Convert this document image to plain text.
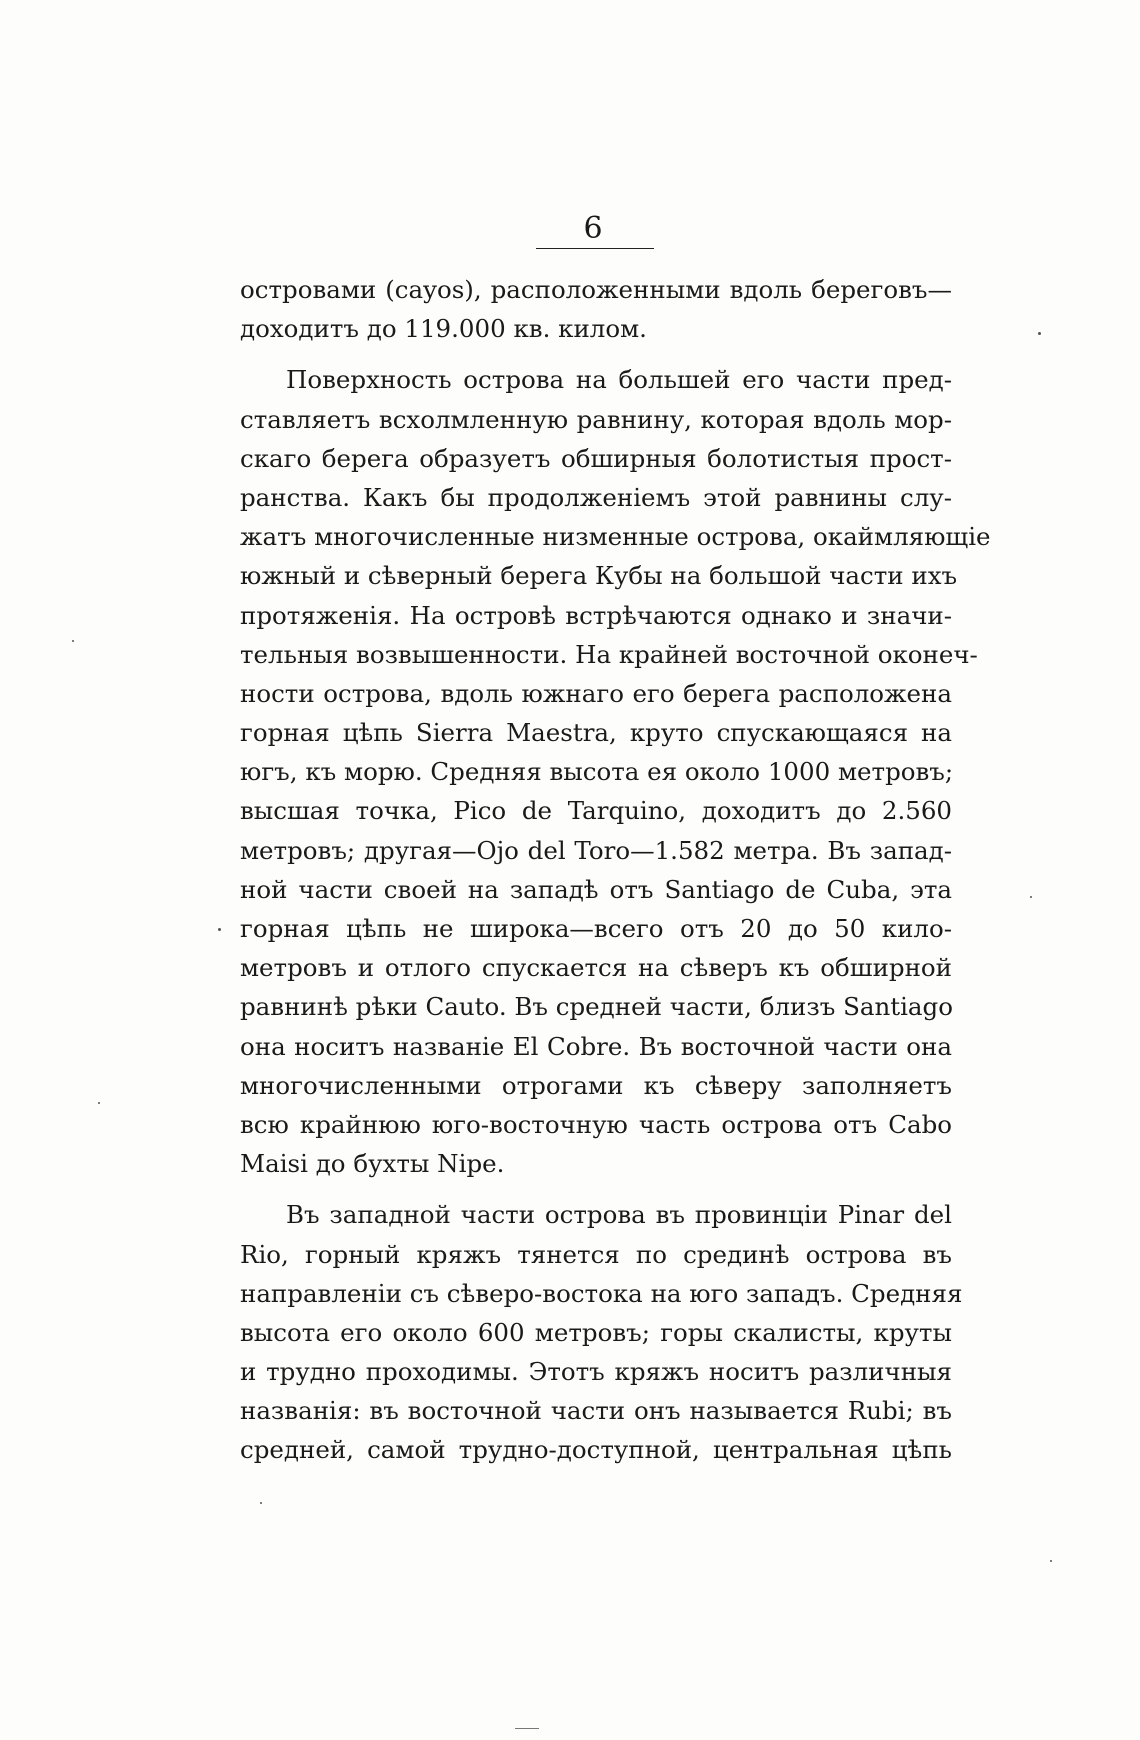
6
островами (cayos), расположенными вдоль береговъ—
доходитъ до 119.000 кв. килом.
Поверхность острова на большей его части пред-
ставляетъ всхолмленную равнину, которая вдоль мор-
скаго берега образуетъ обширныя болотистыя прост-
ранства. Какъ бы продолженіемъ этой равнины слу-
жатъ многочисленные низменные острова, окаймляющіе
южный и сѣверный берега Кубы на большой части ихъ
протяженія. На островѣ встрѣчаются однако и значи-
тельныя возвышенности. На крайней восточной оконеч-
ности острова, вдоль южнаго его берега расположена
горная цѣпь Sierra Maestra, круто спускающаяся на
югъ, къ морю. Средняя высота ея около 1000 метровъ;
высшая точка, Pico de Tarquino, доходитъ до 2.560
метровъ; другая—Ojo del Toro—1.582 метра. Въ запад-
ной части своей на западѣ отъ Santiago de Cuba, эта
горная цѣпь не широка—всего отъ 20 до 50 кило-
метровъ и отлого спускается на сѣверъ къ обширной
равнинѣ рѣки Cauto. Въ средней части, близъ Santiago
она носитъ названіе El Cobre. Въ восточной части она
многочисленными отрогами къ сѣверу заполняетъ
всю крайнюю юго-восточную часть острова отъ Cabo
Maisi до бухты Nipe.
Въ западной части острова въ провинціи Pinar del
Rio, горный кряжъ тянется по срединѣ острова въ
направленіи съ сѣверо-востока на юго западъ. Средняя
высота его около 600 метровъ; горы скалисты, круты
и трудно проходимы. Этотъ кряжъ носитъ различныя
названія: въ восточной части онъ называется Rubi; въ
средней, самой трудно-доступной, центральная цѣпь
